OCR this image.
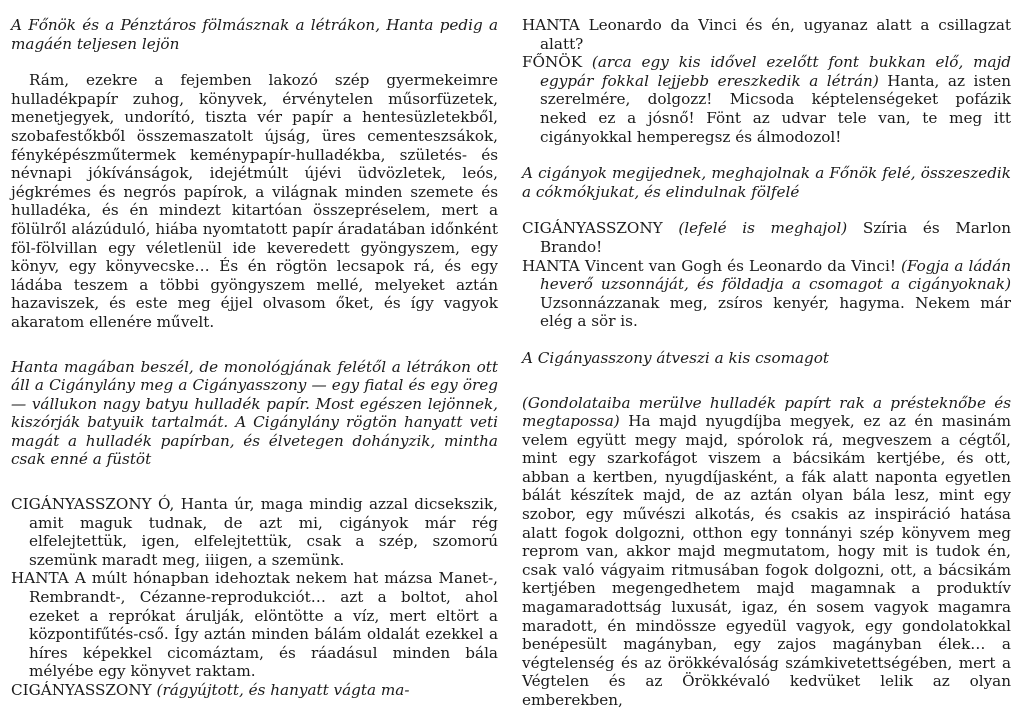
A Főnök és a Pénztáros fölmásznak a létrákon, Hanta pedig a magáén teljesen lejön

Rám, ezekre a fejemben lakozó szép gyermekeimre hulladékpapír zuhog, könyvek, érvénytelen műsorfüzetek, menetjegyek, undorító, tiszta vér papír a hentesüzletekből, szobafestőkből összemaszatolt újság, üres cementeszsákok, fényképészműtermek keménypapír-hulladékba, születés- és névnapi jókívánságok, idejétmúlt újévi üdvözletek, leós, jégkrémes és negrós papírok, a világnak minden szemete és hulladéka, és én mindezt kitartóan összepréselem, mert a fölülről alázúduló, hiába nyomtatott papír áradatában időnként föl-fölvillan egy véletlenül ide keveredett gyöngyszem, egy könyv, egy könyvecske… És én rögtön lecsapok rá, és egy ládába teszem a többi gyöngyszem mellé, melyeket aztán hazaviszek, és este meg éjjel olvasom őket, és így vagyok akaratom ellenére művelt.

Hanta magában beszél, de monológjának felétől a létrákon ott áll a Cigánylány meg a Cigányasszony — egy fiatal és egy öreg — vállukon nagy batyu hulladék papír. Most egészen lejönnek, kiszórják batyuik tartalmát. A Cigánylány rögtön hanyatt veti magát a hulladék papírban, és élvetegen dohányzik, mintha csak enné a füstöt

CIGÁNYASSZONY Ó, Hanta úr, maga mindig azzal dicsekszik, amit maguk tudnak, de azt mi, cigányok már rég elfelejtettük, igen, elfelejtettük, csak a szép, szomorú szemünk maradt meg, iiigen, a szemünk.

HANTA A múlt hónapban idehoztak nekem hat mázsa Manet-, Rembrandt-, Cézanne-reprodukciót… azt a boltot, ahol ezeket a reprókat árulják, elöntötte a víz, mert eltört a központifűtés-cső. Így aztán minden bálám oldalát ezekkel a híres képekkel cicomáztam, és ráadásul minden bála mélyébe egy könyvet raktam.

CIGÁNYASSZONY (rágyújtott, és hanyatt vágta ma-

HANTA Leonardo da Vinci és én, ugyanaz alatt a csillagzat alatt?

FŐNÖK (arca egy kis idővel ezelőtt font bukkan elő, majd egypár fokkal lejjebb ereszkedik a létrán) Hanta, az isten szerelmére, dolgozz! Micsoda képtelenségeket pofázik neked ez a jósnő! Fönt az udvar tele van, te meg itt cigányokkal hemperegsz és álmodozol!

A cigányok megijednek, meghajolnak a Főnök felé, összeszedik a cókmókjukat, és elindulnak fölfelé

CIGÁNYASSZONY (lefelé is meghajol) Szíria és Marlon Brando!

HANTA Vincent van Gogh és Leonardo da Vinci! (Fogja a ládán heverő uzsonnáját, és földadja a csomagot a cigányoknak) Uzsonnázzanak meg, zsíros kenyér, hagyma. Nekem már elég a sör is.

A Cigányasszony átveszi a kis csomagot

(Gondolataiba merülve hulladék papírt rak a présteknőbe és megtapossa) Ha majd nyugdíjba megyek, ez az én masinám velem együtt megy majd, spórolok rá, megveszem a cégtől, mint egy szarkofágot viszem a bácsikám kertjébe, és ott, abban a kertben, nyugdíjasként, a fák alatt naponta egyetlen bálát készítek majd, de az aztán olyan bála lesz, mint egy szobor, egy művészi alkotás, és csakis az inspiráció hatása alatt fogok dolgozni, otthon egy tonnányi szép könyvem meg reprom van, akkor majd megmutatom, hogy mit is tudok én, csak való vágyaim ritmusában fogok dolgozni, ott, a bácsikám kertjében megengedhetem majd magamnak a produktív magamaradottság luxusát, igaz, én sosem vagyok magamra maradott, én mindössze egyedül vagyok, egy gondolatokkal benépesült magányban, egy zajos magányban élek… a végtelenség és az örökkévalóság számkivetettségében, mert a Végtelen és az Örökkévaló kedvüket lelik az olyan emberekben,
